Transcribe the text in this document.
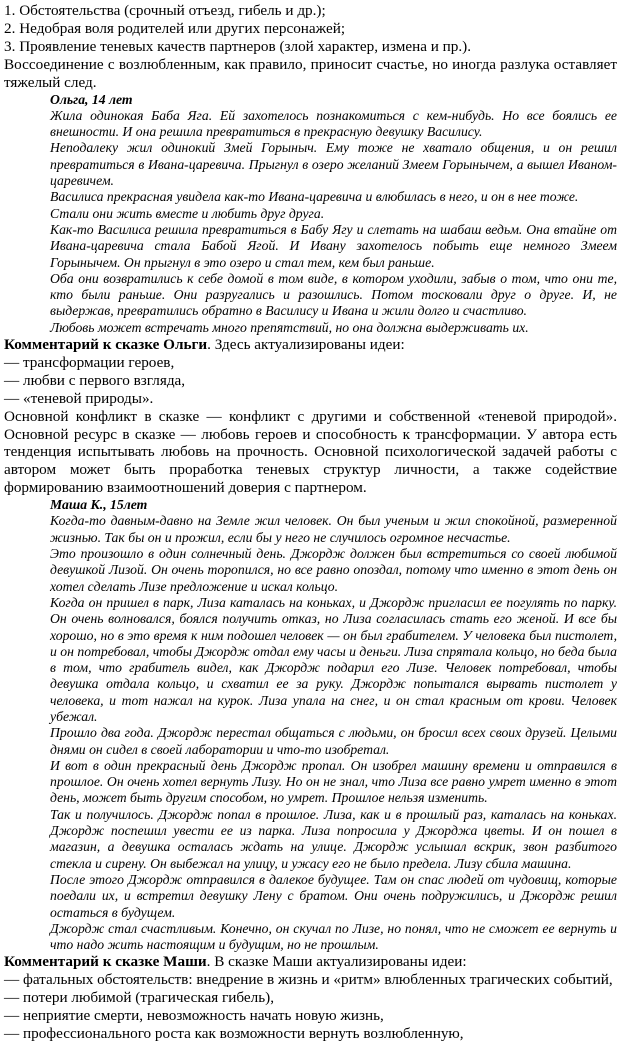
1. Обстоятельства (срочный отъезд, гибель и др.);

2. Недобрая воля родителей или других персонажей;

3. Проявление теневых качеств партнеров (злой характер, измена и пр.).

Воссоединение с возлюбленным, как правило, приносит счастье, но иногда разлука оставляет тяжелый след.

Ольга, 14 лет

Жила одинокая Баба Яга. Ей захотелось познакомиться с кем-нибудь. Но все боялись ее внешности. И она решила превратиться в прекрасную девушку Василису.

Неподалеку жил одинокий Змей Горыныч. Ему тоже не хватало общения, и он решил превратиться в Ивана-царевича. Прыгнул в озеро желаний Змеем Горынычем, а вышел Иваном-царевичем.

Василиса прекрасная увидела как-то Ивана-царевича и влюбилась в него, и он в нее тоже.

Стали они жить вместе и любить друг друга.

Как-то Василиса решила превратиться в Бабу Ягу и слетать на шабаш ведьм. Она втайне от Ивана-царевича стала Бабой Ягой. И Ивану захотелось побыть еще немного Змеем Горынычем. Он прыгнул в это озеро и стал тем, кем был раньше.

Оба они возвратились к себе домой в том виде, в котором уходили, забыв о том, что они те, кто были раньше. Они разругались и разошлись. Потом тосковали друг о друге. И, не выдержав, превратились обратно в Василису и Ивана и жили долго и счастливо.

Любовь может встречать много препятствий, но она должна выдерживать их.

Комментарий к сказке Ольги. Здесь актуализированы идеи:

— трансформации героев,

— любви с первого взгляда,

— «теневой природы».

Основной конфликт в сказке — конфликт с другими и собственной «теневой природой». Основной ресурс в сказке — любовь героев и способность к трансформации. У автора есть тенденция испытывать любовь на прочность. Основной психологической задачей работы с автором может быть проработка теневых структур личности, а также содействие формированию взаимоотношений доверия с партнером.

Маша К., 15лет

Когда-то давным-давно на Земле жил человек. Он был ученым и жил спокойной, размеренной жизнью. Так бы он и прожил, если бы у него не случилось огромное несчастье.

Это произошло в один солнечный день. Джордж должен был встретиться со своей любимой девушкой Лизой. Он очень торопился, но все равно опоздал, потому что именно в этот день он хотел сделать Лизе предложение и искал кольцо.

Когда он пришел в парк, Лиза каталась на коньках, и Джордж пригласил ее погулять по парку. Он очень волновался, боялся получить отказ, но Лиза согласилась стать его женой. И все бы хорошо, но в это время к ним подошел человек — он был грабителем. У человека был пистолет, и он потребовал, чтобы Джордж отдал ему часы и деньги. Лиза спрятала кольцо, но беда была в том, что грабитель видел, как Джордж подарил его Лизе. Человек потребовал, чтобы девушка отдала кольцо, и схватил ее за руку. Джордж попытался вырвать пистолет у человека, и тот нажал на курок. Лиза упала на снег, и он стал красным от крови. Человек убежал.

Прошло два года. Джордж перестал общаться с людьми, он бросил всех своих друзей. Целыми днями он сидел в своей лаборатории и что-то изобретал.

И вот в один прекрасный день Джордж пропал. Он изобрел машину времени и отправился в прошлое. Он очень хотел вернуть Лизу. Но он не знал, что Лиза все равно умрет именно в этот день, может быть другим способом, но умрет. Прошлое нельзя изменить.

Так и получилось. Джордж попал в прошлое. Лиза, как и в прошлый раз, каталась на коньках. Джордж поспешил увести ее из парка. Лиза попросила у Джорджа цветы. И он пошел в магазин, а девушка осталась ждать на улице. Джордж услышал вскрик, звон разбитого стекла и сирену. Он выбежал на улицу, и ужасу его не было предела. Лизу сбила машина.

После этого Джордж отправился в далекое будущее. Там он спас людей от чудовищ, которые поедали их, и встретил девушку Лену с братом. Они очень подружились, и Джордж решил остаться в будущем.

Джордж стал счастливым. Конечно, он скучал по Лизе, но понял, что не сможет ее вернуть и что надо жить настоящим и будущим, но не прошлым.

Комментарий к сказке Маши. В сказке Маши актуализированы идеи:

— фатальных обстоятельств: внедрение в жизнь и «ритм» влюбленных трагических событий,

— потери любимой (трагическая гибель),

— неприятие смерти, невозможность начать новую жизнь,

— профессионального роста как возможности вернуть возлюбленную,
